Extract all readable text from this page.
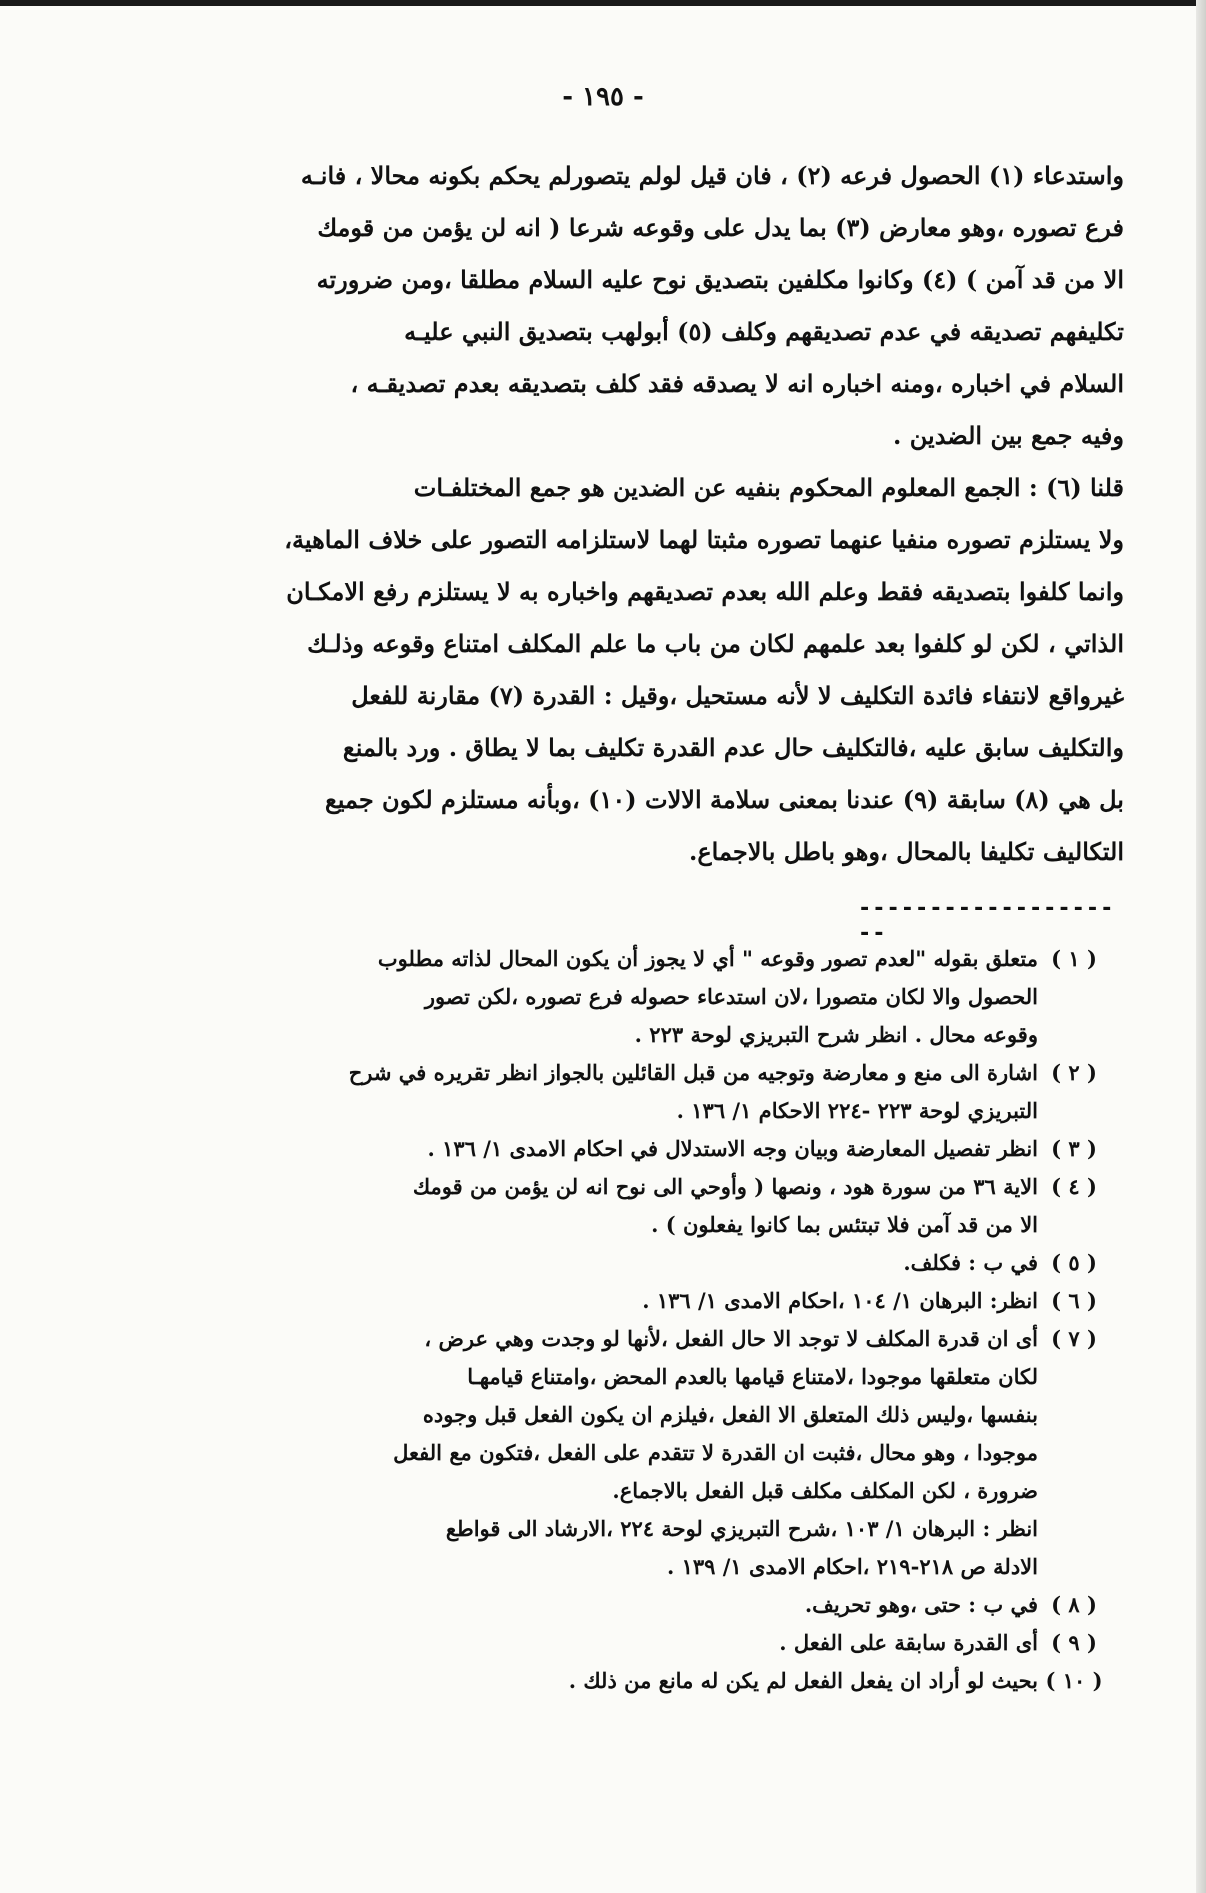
- ١٩٥ -
واستدعاء (١) الحصول فرعه (٢) ، فان قيل لولم يتصورلم يحكم بكونه محالا ، فانـه
فرع تصوره ،وهو معارض (٣) بما يدل على وقوعه شرعا ( انه لن يؤمن من قومك
الا من قد آمن ) (٤) وكانوا مكلفين بتصديق نوح عليه السلام مطلقا ،ومن ضرورته
تكليفهم تصديقه في عدم تصديقهم وكلف (٥) أبولهب بتصديق النبي عليـه
السلام في اخباره ،ومنه اخباره انه لا يصدقه فقد كلف بتصديقه بعدم تصديقـه ،
وفيه جمع بين الضدين .
قلنا (٦) : الجمع المعلوم المحكوم بنفيه عن الضدين هو جمع المختلفـات
ولا يستلزم تصوره منفيا عنهما تصوره مثبتا لهما لاستلزامه التصور على خلاف الماهية،
وانما كلفوا بتصديقه فقط وعلم الله بعدم تصديقهم واخباره به لا يستلزم رفع الامكـان
الذاتي ، لكن لو كلفوا بعد علمهم لكان من باب ما علم المكلف امتناع وقوعه وذلـك
غيرواقع لانتفاء فائدة التكليف لا لأنه مستحيل ،وقيل : القدرة (٧) مقارنة للفعل
والتكليف سابق عليه ،فالتكليف حال عدم القدرة تكليف بما لا يطاق . ورد بالمنع
بل هي (٨) سابقة (٩) عندنا بمعنى سلامة الالات (١٠) ،وبأنه مستلزم لكون جميع
التكاليف تكليفا بالمحال ،وهو باطل بالاجماع.
--------------------
( ١ )
متعلق بقوله "لعدم تصور وقوعه " أي لا يجوز أن يكون المحال لذاته مطلوب
الحصول والا لكان متصورا ،لان استدعاء حصوله فرع تصوره ،لكن تصور
وقوعه محال . انظر شرح التبريزي لوحة ٢٢٣ .
( ٢ )
اشارة الى منع و معارضة وتوجيه من قبل القائلين بالجواز انظر تقريره في شرح
التبريزي لوحة ٢٢٣ -٢٢٤ الاحكام ١/ ١٣٦ .
( ٣ )
انظر تفصيل المعارضة وبيان وجه الاستدلال في احكام الامدى ١/ ١٣٦ .
( ٤ )
الاية ٣٦ من سورة هود ، ونصها ( وأوحي الى نوح انه لن يؤمن من قومك
الا من قد آمن فلا تبتئس بما كانوا يفعلون ) .
( ٥ )
في ب : فكلف.
( ٦ )
انظر: البرهان ١/ ١٠٤ ،احكام الامدى ١/ ١٣٦ .
( ٧ )
أى ان قدرة المكلف لا توجد الا حال الفعل ،لأنها لو وجدت وهي عرض ،
لكان متعلقها موجودا ،لامتناع قيامها بالعدم المحض ،وامتناع قيامهـا
بنفسها ،وليس ذلك المتعلق الا الفعل ،فيلزم ان يكون الفعل قبل وجوده
موجودا ، وهو محال ،فثبت ان القدرة لا تتقدم على الفعل ،فتكون مع الفعل
ضرورة ، لكن المكلف مكلف قبل الفعل بالاجماع.
انظر : البرهان ١/ ١٠٣ ،شرح التبريزي لوحة ٢٢٤ ،الارشاد الى قواطع
الادلة ص ٢١٨-٢١٩ ،احكام الامدى ١/ ١٣٩ .
( ٨ )
في ب : حتى ،وهو تحريف.
( ٩ )
أى القدرة سابقة على الفعل .
( ١٠ )
بحيث لو أراد ان يفعل الفعل لم يكن له مانع من ذلك .
